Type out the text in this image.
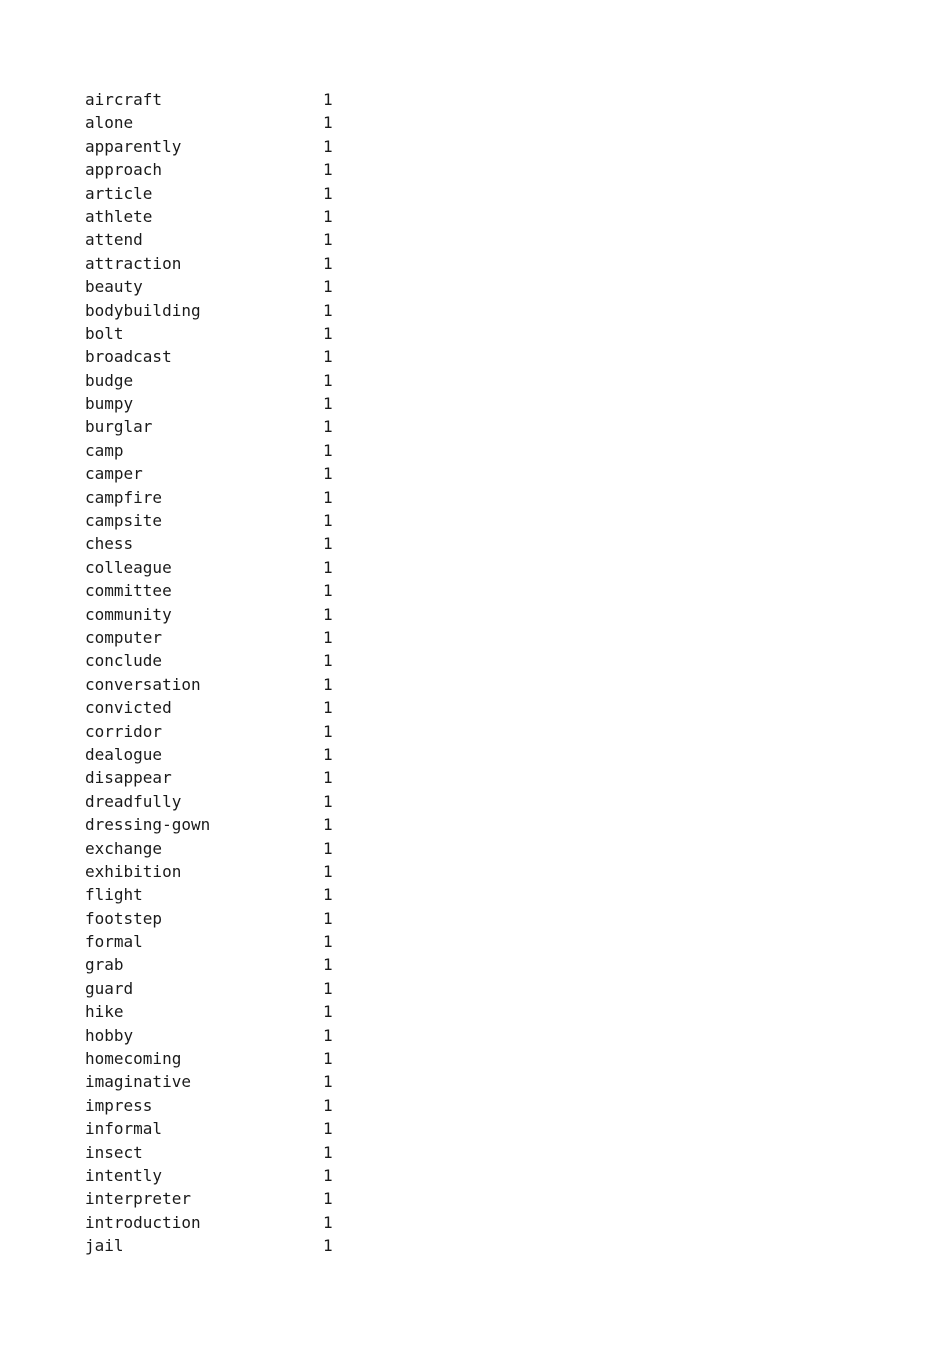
aircraft	1
alone	1
apparently	1
approach	1
article	1
athlete	1
attend	1
attraction	1
beauty	1
bodybuilding	1
bolt	1
broadcast	1
budge	1
bumpy	1
burglar	1
camp	1
camper	1
campfire	1
campsite	1
chess	1
colleague	1
committee	1
community	1
computer	1
conclude	1
conversation	1
convicted	1
corridor	1
dealogue	1
disappear	1
dreadfully	1
dressing-gown	1
exchange	1
exhibition	1
flight	1
footstep	1
formal	1
grab	1
guard	1
hike	1
hobby	1
homecoming	1
imaginative	1
impress	1
informal	1
insect	1
intently	1
interpreter	1
introduction	1
jail	1
